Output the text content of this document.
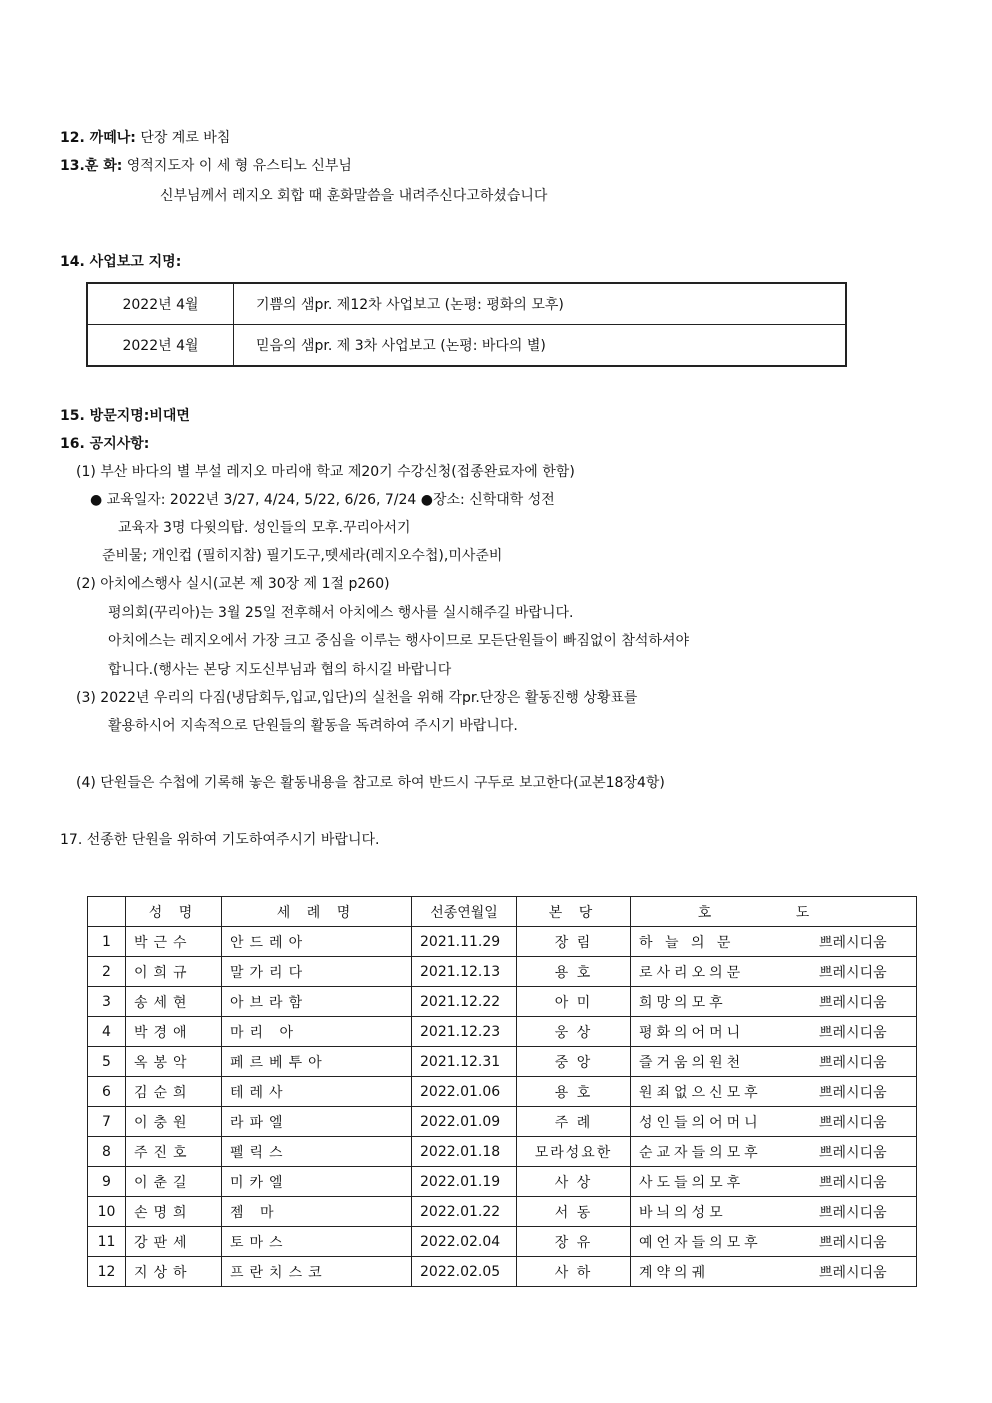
12. 까떼나: 단장 계로 바침
13.훈 화: 영적지도자 이 세 형 유스티노 신부님
신부님께서 레지오 회합 때 훈화말씀을 내려주신다고하셨습니다
14. 사업보고 지명:
2022년 4월	기쁨의 샘pr. 제12차 사업보고 (논평: 평화의 모후)
2022년 4월	믿음의 샘pr. 제 3차 사업보고 (논평: 바다의 별)
15. 방문지명:비대면
16. 공지사항:
(1) 부산 바다의 별 부설 레지오 마리애 학교 제20기 수강신청(접종완료자에 한함)
● 교육일자: 2022년 3/27, 4/24, 5/22, 6/26, 7/24 ●장소: 신학대학 성전
교육자 3명 다윗의탑. 성인들의 모후.꾸리아서기
준비물; 개인컵 (필히지참) 필기도구,뗏세라(레지오수첩),미사준비
(2) 아치에스행사 실시(교본 제 30장 제 1절 p260)
평의회(꾸리아)는 3월 25일 전후해서 아치에스 행사를 실시해주길 바랍니다.
아치에스는 레지오에서 가장 크고 중심을 이루는 행사이므로 모든단원들이 빠짐없이 참석하셔야
합니다.(행사는 본당 지도신부님과 협의 하시길 바랍니다
(3) 2022년 우리의 다짐(냉담회두,입교,입단)의 실천을 위해 각pr.단장은 활동진행 상황표를
활용하시어 지속적으로 단원들의 활동을 독려하여 주시기 바랍니다.
(4) 단원들은 수첩에 기록해 놓은 활동내용을 참고로 하여 반드시 구두로 보고한다(교본18장4항)
17. 선종한 단원을 위하여 기도하여주시기 바랍니다.
	성 명	세 례 명	선종연월일	본 당	호 도
1	박근수	안드레아	2021.11.29	장 림	하 늘 의 문 쁘레시디움
2	이희규	말가리다	2021.12.13	용 호	로사리오의문 쁘레시디움
3	송세현	아브라함	2021.12.22	아 미	희망의모후 쁘레시디움
4	박경애	마리 아	2021.12.23	웅 상	평화의어머니 쁘레시디움
5	옥봉악	페르베투아	2021.12.31	중 앙	즐거움의원천 쁘레시디움
6	김순희	테레사	2022.01.06	용 호	원죄없으신모후 쁘레시디움
7	이충원	라파엘	2022.01.09	주 례	성인들의어머니 쁘레시디움
8	주진호	펠릭스	2022.01.18	모라성요한	순교자들의모후 쁘레시디움
9	이춘길	미카엘	2022.01.19	사 상	사도들의모후 쁘레시디움
10	손명희	젬 마	2022.01.22	서 동	바늬의성모 쁘레시디움
11	강판세	토마스	2022.02.04	장 유	예언자들의모후 쁘레시디움
12	지상하	프란치스코	2022.02.05	사 하	계약의궤 쁘레시디움
